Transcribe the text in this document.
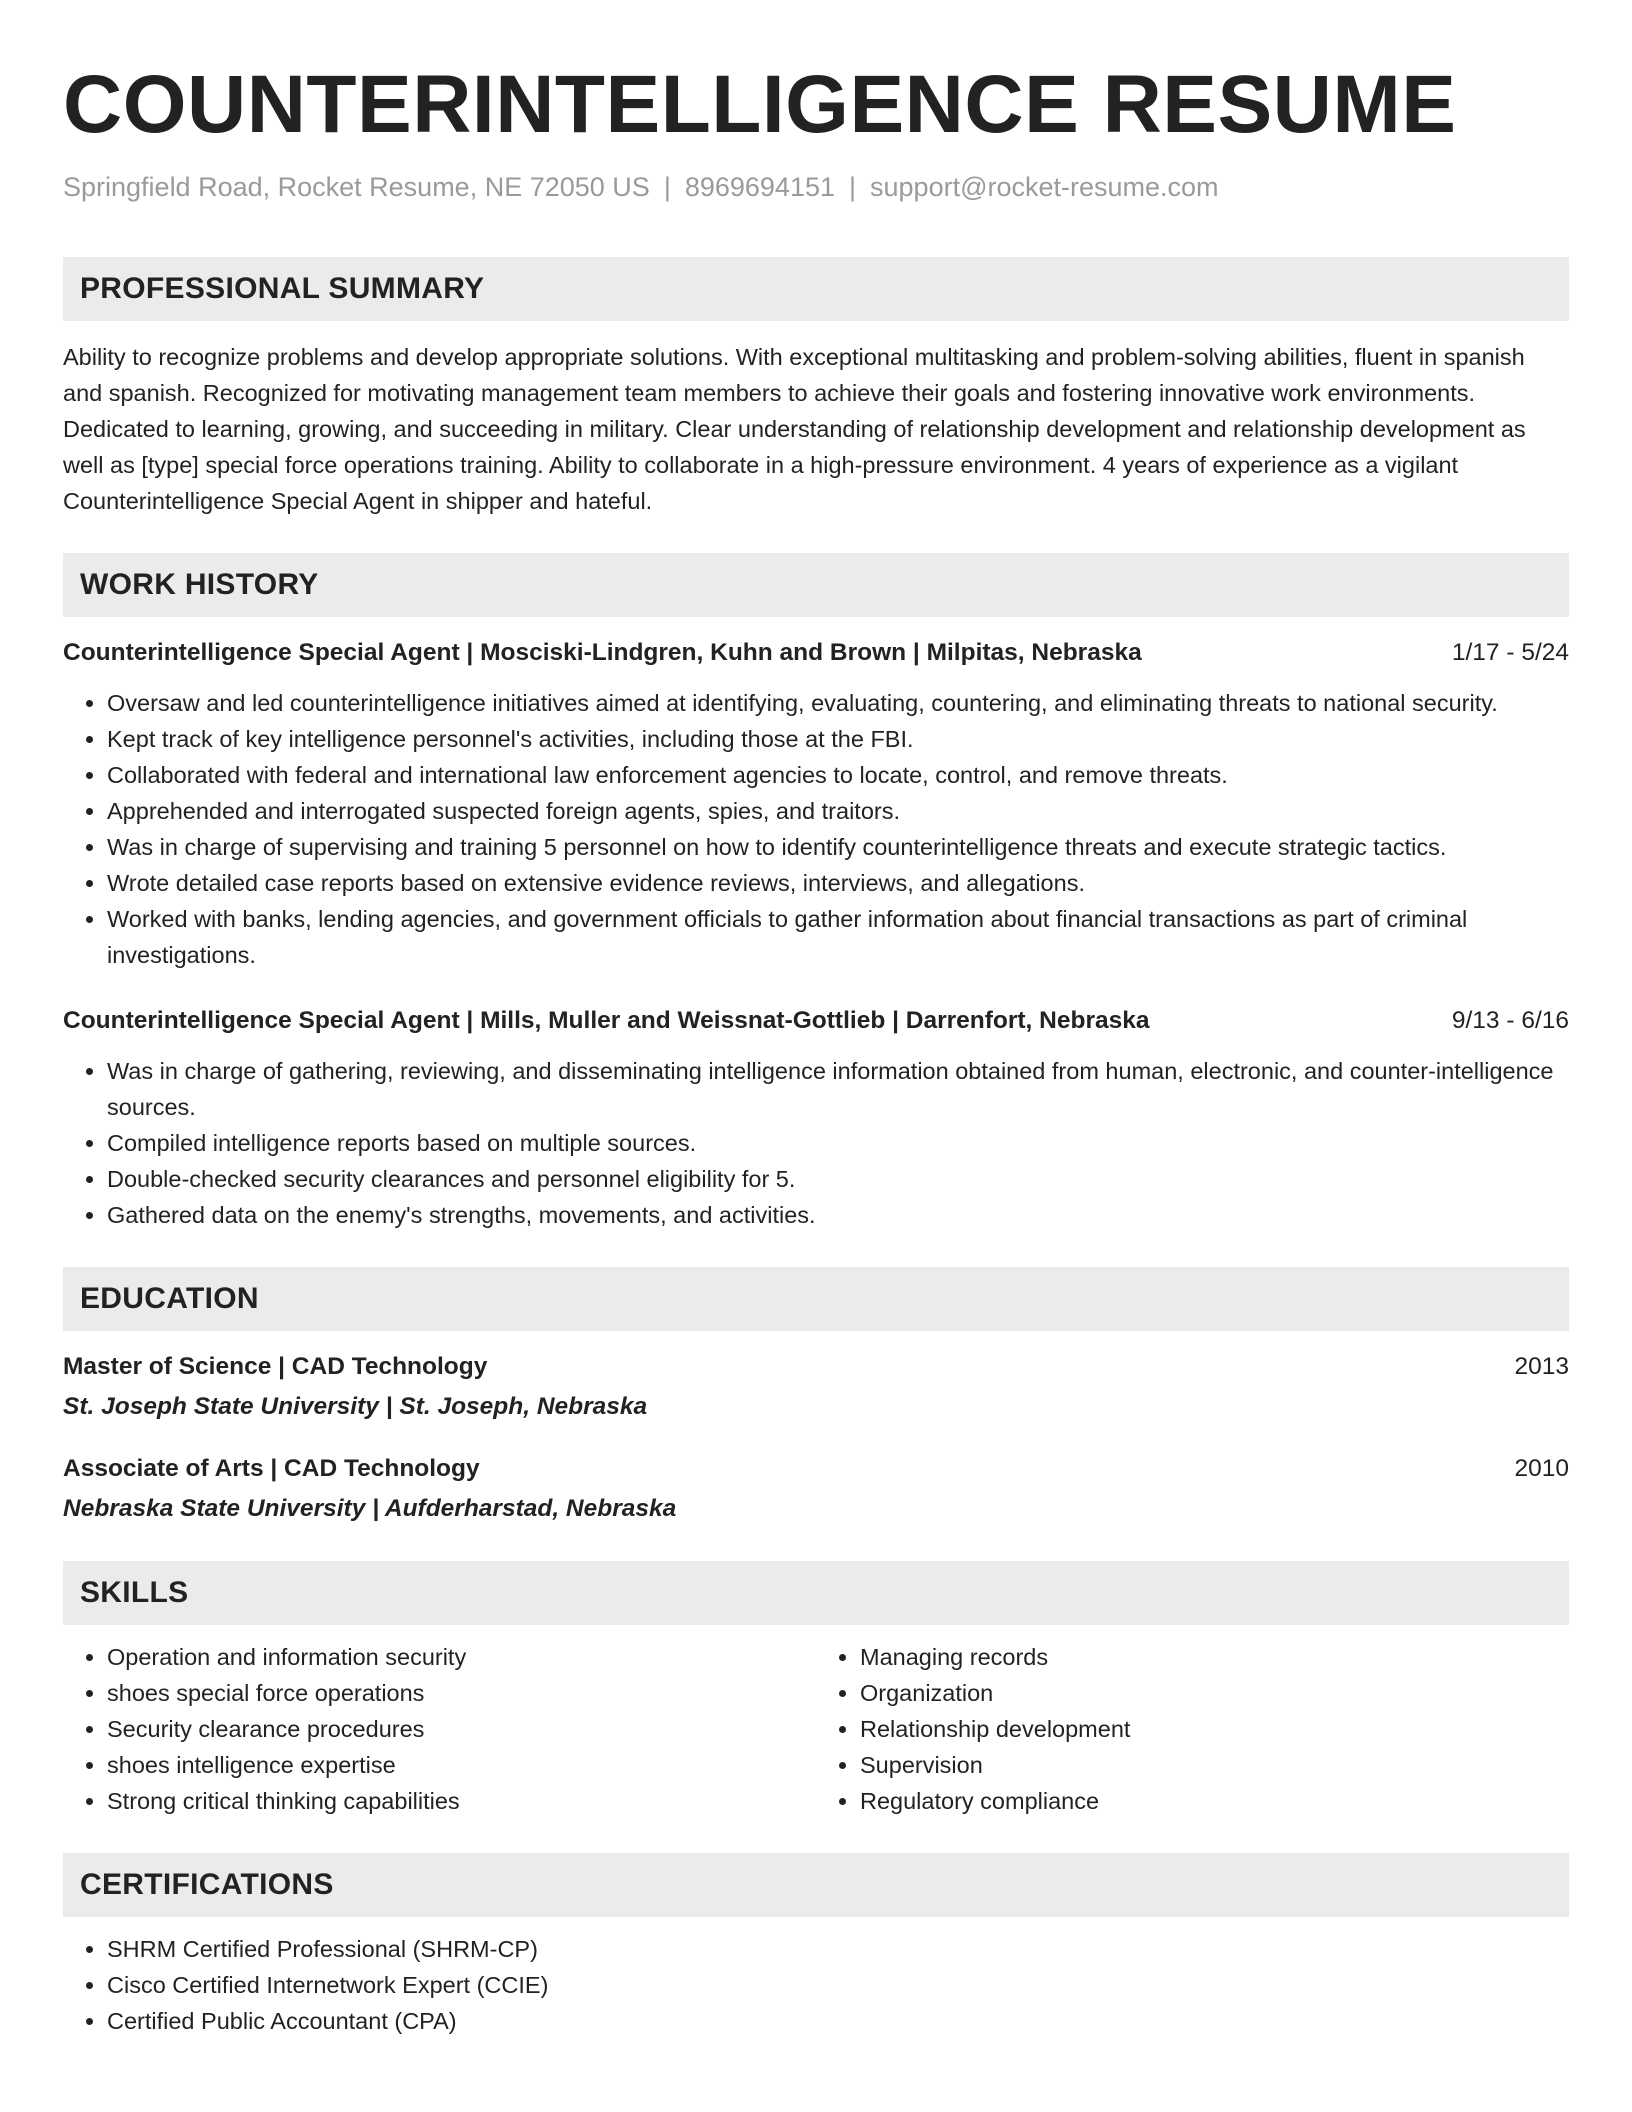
COUNTERINTELLIGENCE RESUME
Springfield Road, Rocket Resume, NE 72050 US | 8969694151 | support@rocket-resume.com
PROFESSIONAL SUMMARY

Ability to recognize problems and develop appropriate solutions. With exceptional multitasking and problem-solving abilities, fluent in spanish and spanish. Recognized for motivating management team members to achieve their goals and fostering innovative work environments. Dedicated to learning, growing, and succeeding in military. Clear understanding of relationship development and relationship development as well as [type] special force operations training. Ability to collaborate in a high-pressure environment. 4 years of experience as a vigilant Counterintelligence Special Agent in shipper and hateful.

WORK HISTORY
Counterintelligence Special Agent | Mosciski-Lindgren, Kuhn and Brown | Milpitas, Nebraska	1/17 - 5/24
• Oversaw and led counterintelligence initiatives aimed at identifying, evaluating, countering, and eliminating threats to national security.
• Kept track of key intelligence personnel's activities, including those at the FBI.
• Collaborated with federal and international law enforcement agencies to locate, control, and remove threats.
• Apprehended and interrogated suspected foreign agents, spies, and traitors.
• Was in charge of supervising and training 5 personnel on how to identify counterintelligence threats and execute strategic tactics.
• Wrote detailed case reports based on extensive evidence reviews, interviews, and allegations.
• Worked with banks, lending agencies, and government officials to gather information about financial transactions as part of criminal investigations.
Counterintelligence Special Agent | Mills, Muller and Weissnat-Gottlieb | Darrenfort, Nebraska	9/13 - 6/16
• Was in charge of gathering, reviewing, and disseminating intelligence information obtained from human, electronic, and counter-intelligence sources.
• Compiled intelligence reports based on multiple sources.
• Double-checked security clearances and personnel eligibility for 5.
• Gathered data on the enemy's strengths, movements, and activities.
EDUCATION
Master of Science | CAD Technology	2013
St. Joseph State University | St. Joseph, Nebraska
Associate of Arts | CAD Technology	2010
Nebraska State University | Aufderharstad, Nebraska
SKILLS
• Operation and information security
• shoes special force operations
• Security clearance procedures
• shoes intelligence expertise
• Strong critical thinking capabilities
• Managing records
• Organization
• Relationship development
• Supervision
• Regulatory compliance
CERTIFICATIONS
• SHRM Certified Professional (SHRM-CP)
• Cisco Certified Internetwork Expert (CCIE)
• Certified Public Accountant (CPA)
